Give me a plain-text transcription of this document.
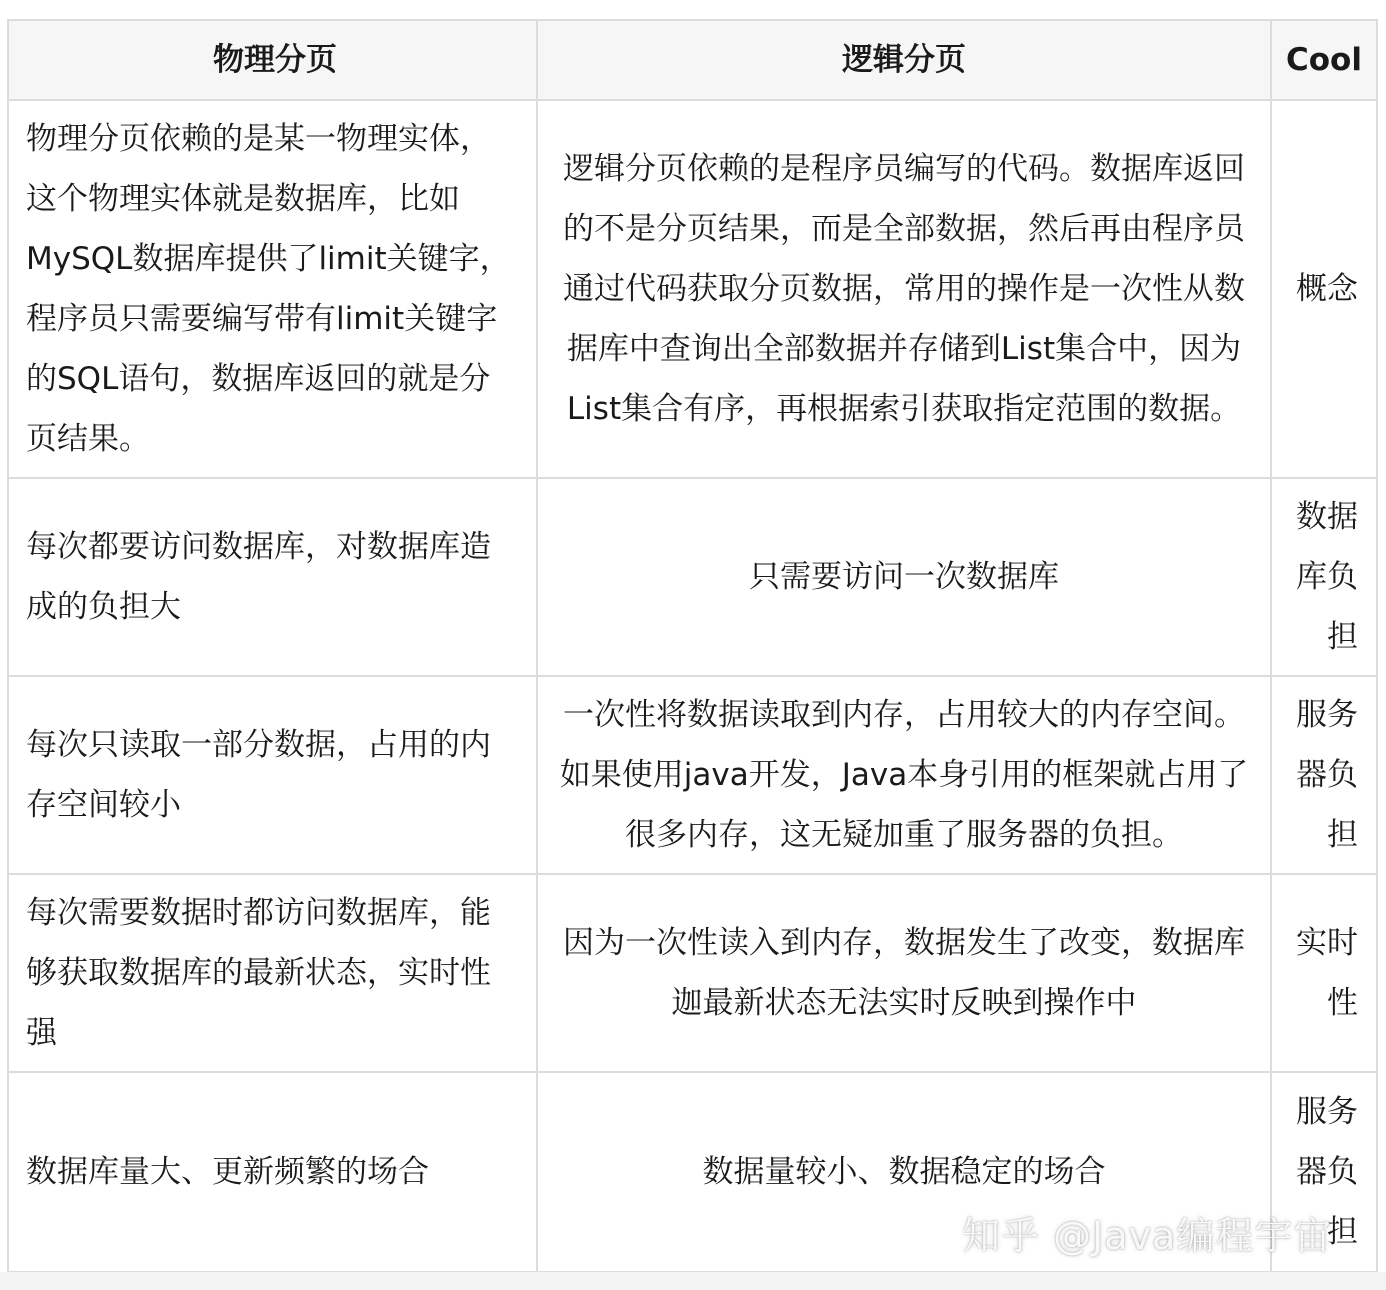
物理分页	逻辑分页	Cool
物理分页依赖的是某一物理实体，这个物理实体就是数据库，比如MySQL数据库提供了limit关键字，程序员只需要编写带有limit关键字的SQL语句，数据库返回的就是分页结果。	逻辑分页依赖的是程序员编写的代码。数据库返回的不是分页结果，而是全部数据，然后再由程序员通过代码获取分页数据，常用的操作是一次性从数据库中查询出全部数据并存储到List集合中，因为List集合有序，再根据索引获取指定范围的数据。	概念
每次都要访问数据库，对数据库造成的负担大	只需要访问一次数据库	数据库负担
每次只读取一部分数据，占用的内存空间较小	一次性将数据读取到内存，占用较大的内存空间。如果使用java开发，Java本身引用的框架就占用了很多内存，这无疑加重了服务器的负担。	服务器负担
每次需要数据时都访问数据库，能够获取数据库的最新状态，实时性强	因为一次性读入到内存，数据发生了改变，数据库迦最新状态无法实时反映到操作中	实时性
数据库量大、更新频繁的场合	数据量较小、数据稳定的场合	服务器负担
知乎 @Java编程宇宙
